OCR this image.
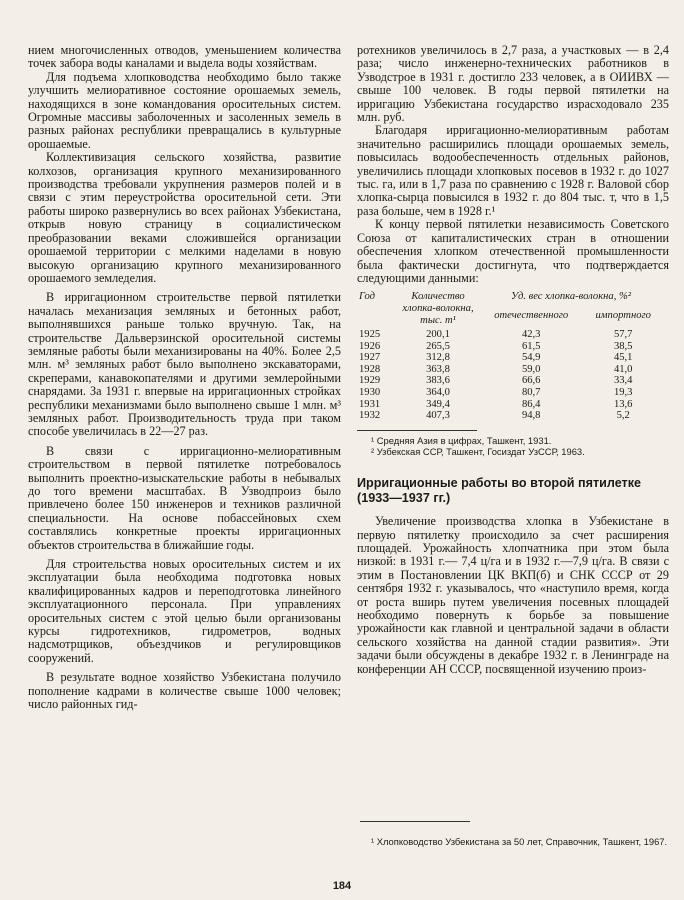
нием многочисленных отводов, уменьшением количества точек забора воды каналами и выдела воды хозяйствам.

Для подъема хлопководства необходимо было также улучшить мелиоративное состояние орошаемых земель, находящихся в зоне командования оросительных систем. Огромные массивы заболоченных и засоленных земель в разных районах республики превращались в культурные орошаемые.

Коллективизация сельского хозяйства, развитие колхозов, организация крупного механизированного производства требовали укрупнения размеров полей и в связи с этим переустройства оросительной сети. Эти работы широко развернулись во всех районах Узбекистана, открыв новую страницу в социалистическом преобразовании веками сложившейся организации орошаемой территории с мелкими наделами в новую высокую организацию крупного механизированного орошаемого земледелия.

В ирригационном строительстве первой пятилетки началась механизация земляных и бетонных работ, выполнявшихся раньше только вручную. Так, на строительстве Дальверзинской оросительной системы земляные работы были механизированы на 40%. Более 2,5 млн. м³ земляных работ было выполнено экскаваторами, скреперами, канавокопателями и другими землеройными снарядами. За 1931 г. впервые на ирригационных стройках республики механизмами было выполнено свыше 1 млн. м³ земляных работ. Производительность труда при таком способе увеличилась в 22—27 раз.

В связи с ирригационно-мелиоративным строительством в первой пятилетке потребовалось выполнить проектно-изыскательские работы в небывалых до того времени масштабах. В Узводпроиз было привлечено более 150 инженеров и техников различной специальности. На основе побассейновых схем составлялись конкретные проекты ирригационных объектов строительства в ближайшие годы.

Для строительства новых оросительных систем и их эксплуатации была необходима подготовка новых квалифицированных кадров и переподготовка линейного эксплуатационного персонала. При управлениях оросительных систем с этой целью были организованы курсы гидротехников, гидрометров, водных надсмотрщиков, объездчиков и регулировщиков сооружений.

В результате водное хозяйство Узбекистана получило пополнение кадрами в количестве свыше 1000 человек; число районных гид-

ротехников увеличилось в 2,7 раза, а участковых — в 2,4 раза; число инженерно-технических работников в Узводстрое в 1931 г. достигло 233 человек, а в ОИИВХ — свыше 100 человек. В годы первой пятилетки на ирригацию Узбекистана государство израсходовало 235 млн. руб.

Благодаря ирригационно-мелиоративным работам значительно расширились площади орошаемых земель, повысилась водообеспеченность отдельных районов, увеличились площади хлопковых посевов в 1932 г. до 1027 тыс. га, или в 1,7 раза по сравнению с 1928 г. Валовой сбор хлопка-сырца повысился в 1932 г. до 804 тыс. т, что в 1,5 раза больше, чем в 1928 г.¹

К концу первой пятилетки независимость Советского Союза от капиталистических стран в отношении обеспечения хлопком отечественной промышленности была фактически достигнута, что подтверждается следующими данными:

Год	Количество хлопка-волокна, тыс. т¹	Уд. вес хлопка-волокна, %²	
		отечественного	импортного
1925	200,1	42,3	57,7
1926	265,5	61,5	38,5
1927	312,8	54,9	45,1
1928	363,8	59,0	41,0
1929	383,6	66,6	33,4
1930	364,0	80,7	19,3
1931	349,4	86,4	13,6
1932	407,3	94,8	5,2

¹ Средняя Азия в цифрах, Ташкент, 1931.

² Узбекская ССР, Ташкент, Госиздат УзССР, 1963.

Ирригационные работы во второй пятилетке (1933—1937 гг.)

Увеличение производства хлопка в Узбекистане в первую пятилетку происходило за счет расширения площадей. Урожайность хлопчатника при этом была низкой: в 1931 г.— 7,4 ц/га и в 1932 г.—7,9 ц/га. В связи с этим в Постановлении ЦК ВКП(б) и СНК СССР от 29 сентября 1932 г. указывалось, что «наступило время, когда от роста вширь путем увеличения посевных площадей необходимо повернуть к борьбе за повышение урожайности как главной и центральной задачи в области сельского хозяйства на данной стадии развития». Эти задачи были обсуждены в декабре 1932 г. в Ленинграде на конференции АН СССР, посвященной изучению произ-

¹ Хлопководство Узбекистана за 50 лет, Справочник, Ташкент, 1967.

184
